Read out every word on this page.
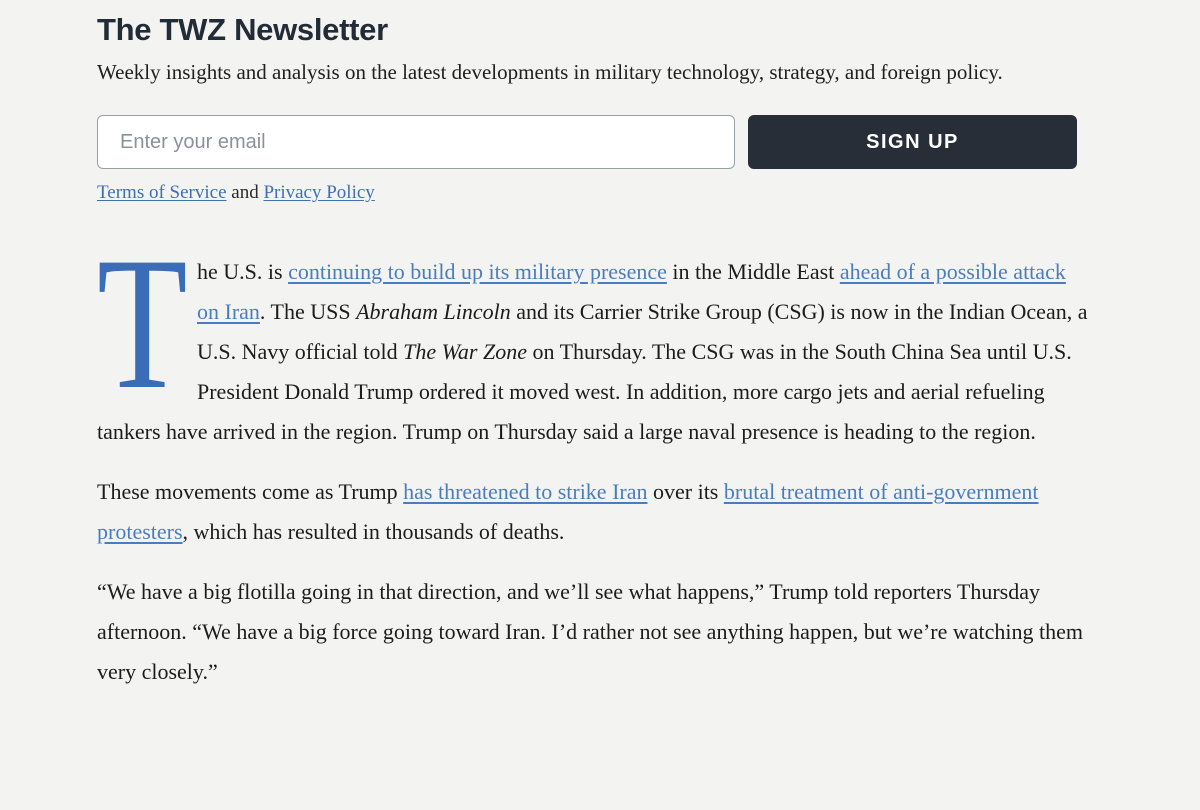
The TWZ Newsletter

Weekly insights and analysis on the latest developments in military technology, strategy, and foreign policy.

Enter your email
SIGN UP

Terms of Service and Privacy Policy

The U.S. is continuing to build up its military presence in the Middle East ahead of a possible attack on Iran. The USS Abraham Lincoln and its Carrier Strike Group (CSG) is now in the Indian Ocean, a U.S. Navy official told The War Zone on Thursday. The CSG was in the South China Sea until U.S. President Donald Trump ordered it moved west. In addition, more cargo jets and aerial refueling tankers have arrived in the region. Trump on Thursday said a large naval presence is heading to the region.

These movements come as Trump has threatened to strike Iran over its brutal treatment of anti-government protesters, which has resulted in thousands of deaths.

“We have a big flotilla going in that direction, and we’ll see what happens,” Trump told reporters Thursday afternoon. “We have a big force going toward Iran. I’d rather not see anything happen, but we’re watching them very closely.”
